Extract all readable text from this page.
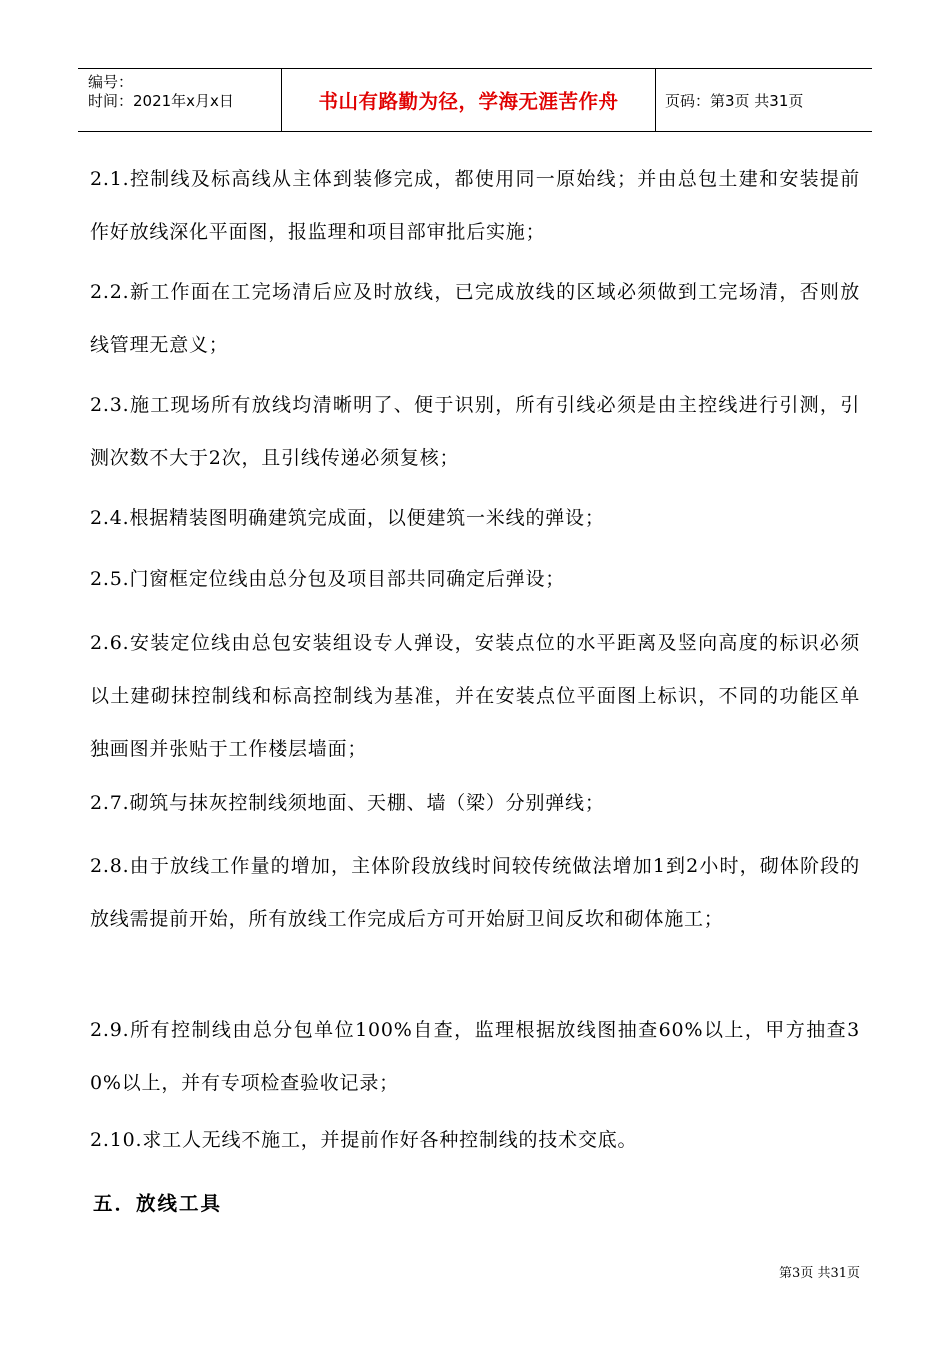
编号：
时间：2021年x月x日	书山有路勤为径，学海无涯苦作舟	页码：第3页 共31页

2.1.控制线及标高线从主体到装修完成，都使用同一原始线；并由总包土建和安装提前作好放线深化平面图，报监理和项目部审批后实施；

2.2.新工作面在工完场清后应及时放线，已完成放线的区域必须做到工完场清，否则放线管理无意义；

2.3.施工现场所有放线均清晰明了、便于识别，所有引线必须是由主控线进行引测，引测次数不大于2次，且引线传递必须复核；

2.4.根据精装图明确建筑完成面，以便建筑一米线的弹设；

2.5.门窗框定位线由总分包及项目部共同确定后弹设；

2.6.安装定位线由总包安装组设专人弹设，安装点位的水平距离及竖向高度的标识必须以土建砌抹控制线和标高控制线为基准，并在安装点位平面图上标识，不同的功能区单独画图并张贴于工作楼层墙面；

2.7.砌筑与抹灰控制线须地面、天棚、墙（梁）分别弹线；

2.8.由于放线工作量的增加，主体阶段放线时间较传统做法增加1到2小时，砌体阶段的放线需提前开始，所有放线工作完成后方可开始厨卫间反坎和砌体施工；

2.9.所有控制线由总分包单位100%自查，监理根据放线图抽查60%以上，甲方抽查30%以上，并有专项检查验收记录；

2.10.求工人无线不施工，并提前作好各种控制线的技术交底。

五．放线工具
第3页 共31页
